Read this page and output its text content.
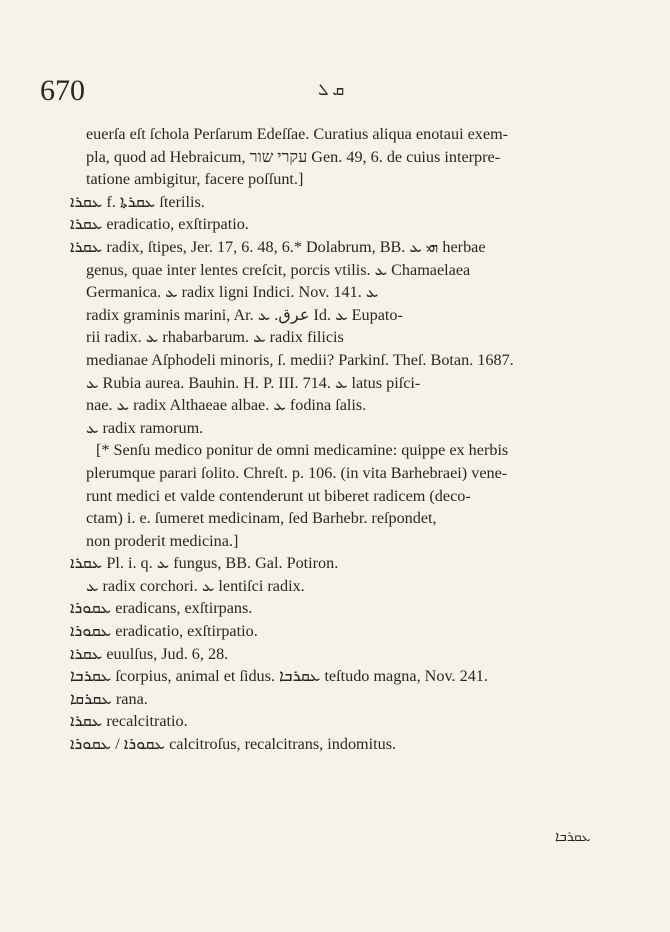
670	ܩ ܠ
euerſa eſt ſchola Perſarum Edeſſae. Curatius aliqua enotaui exem-
pla, quod ad Hebraicum, עקרי שור Gen. 49, 6. de cuius interpre-
tatione ambigitur, facere poſſunt.]
ܥܩܪܐ f. ܥܩܪܬܐ ſterilis.
ܥܩܪܐ eradicatio, exſtirpatio.
ܥܩܪܐ radix, ſtipes, Jer. 17, 6. 48, 6.* Dolabrum, BB. ܗܝ ܥ herbae
genus, quae inter lentes creſcit, porcis vtilis. ܥ Chamaelaea
Germanica. ܥ radix ligni Indici. Nov. 141. ܥ
radix graminis marini, Ar. عرق. ܥ Id. ܥ Eupato-
rii radix. ܥ rhabarbarum. ܥ radix filicis
medianae Aſphodeli minoris, ſ. medii? Parkinſ. Theſ. Botan. 1687.
ܥ Rubia aurea. Bauhin. H. P. III. 714. ܥ latus piſci-
nae. ܥ radix Althaeae albae. ܥ fodina ſalis.
ܥ radix ramorum.
[* Senſu medico ponitur de omni medicamine: quippe ex herbis
plerumque parari ſolito. Chreſt. p. 106. (in vita Barhebraei) vene-
runt medici et valde contenderunt ut biberet radicem (deco-
ctam) i. e. ſumeret medicinam, ſed Barhebr. reſpondet,
non proderit medicina.]
ܥܩܪܐ Pl. i. q. ܥ fungus, BB. Gal. Potiron.
ܥ radix corchori. ܥ lentiſci radix.
ܥܩܘܪܐ eradicans, exſtirpans.
ܥܩܘܪܐ eradicatio, exſtirpatio.
ܥܩܪܐ euulſus, Jud. 6, 28.
ܥܩܪܒܐ ſcorpius, animal et ſidus. ܥܩܪܒܐ teſtudo magna, Nov. 241.
ܥܩܪܩܐ rana.
ܥܩܪܐ recalcitratio.
ܥܩܘܪܐ / ܥܩܘܪܐ calcitroſus, recalcitrans, indomitus.
ܥܩܪܒܐ
